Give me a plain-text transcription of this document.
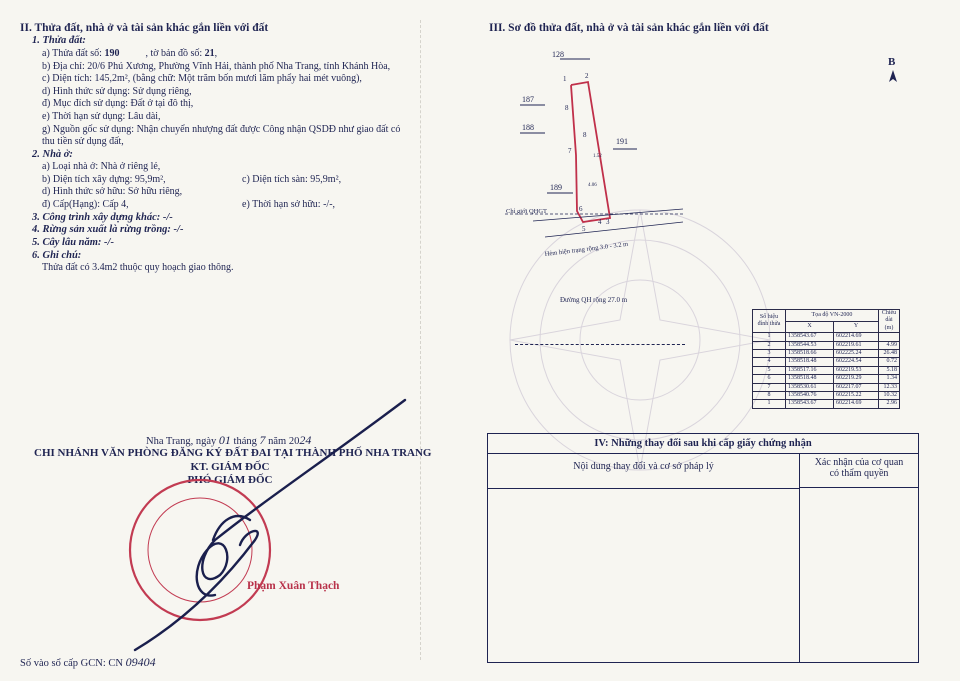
II. Thửa đất, nhà ở và tài sản khác gắn liền với đất
1. Thửa đất:
a) Thửa đất số: 190	, tờ bản đồ số: 21,
b) Địa chỉ: 20/6 Phú Xương, Phường Vĩnh Hải, thành phố Nha Trang, tỉnh Khánh Hòa,
c) Diện tích: 145,2m², (bằng chữ: Một trăm bốn mươi lăm phẩy hai mét vuông),
d) Hình thức sử dụng: Sử dụng riêng,
đ) Mục đích sử dụng: Đất ở tại đô thị,
e) Thời hạn sử dụng: Lâu dài,
g) Nguồn gốc sử dụng: Nhận chuyển nhượng đất được Công nhận QSDĐ như giao đất có
thu tiền sử dụng đất,
2. Nhà ở:
a) Loại nhà ở: Nhà ở riêng lẻ,
b) Diện tích xây dựng: 95,9m²,	c) Diện tích sàn: 95,9m²,
d) Hình thức sở hữu: Sở hữu riêng,
đ) Cấp(Hạng): Cấp 4,	e) Thời hạn sở hữu: -/-,
3. Công trình xây dựng khác: -/-
4. Rừng sản xuất là rừng trồng: -/-
5. Cây lâu năm: -/-
6. Ghi chú:
Thửa đất có 3.4m2 thuộc quy hoạch giao thông.
Nha Trang, ngày 01 tháng 7 năm 2024
CHI NHÁNH VĂN PHÒNG ĐĂNG KÝ ĐẤT ĐAI TẠI THÀNH PHỐ NHA TRANG
KT. GIÁM ĐỐC
PHÓ GIÁM ĐỐC
Phạm Xuân Thạch
Số vào sổ cấp GCN: CN 09404
III. Sơ đồ thửa đất, nhà ở và tài sản khác gắn liền với đất
B
128
187
188
191
189
1	2
8
8
7
6
4 3
5
1.52
4.06
Chỉ giới QHGT
Hẻm hiện trạng rộng 3.0 - 3.2 m
Đường QH rộng 27.0 m
Số hiệu đỉnh thửa	Tọa độ VN-2000		Chiều dài (m)
	X	Y	
1	1358543.67	602214.69	
2	1358544.53	602219.61	4.99
3	1358518.66	602225.24	26.48
4	1358518.48	602224.54	0.72
5	1358517.16	602219.53	5.18
6	1358518.48	602219.29	1.34
7	1358530.61	602217.07	12.33
8	1358540.76	602215.22	10.32
1	1358543.67	602214.69	2.96
IV: Những thay đổi sau khi cấp giấy chứng nhận
Nội dung thay đổi và cơ sở pháp lý	Xác nhận của cơ quan
có thẩm quyền
